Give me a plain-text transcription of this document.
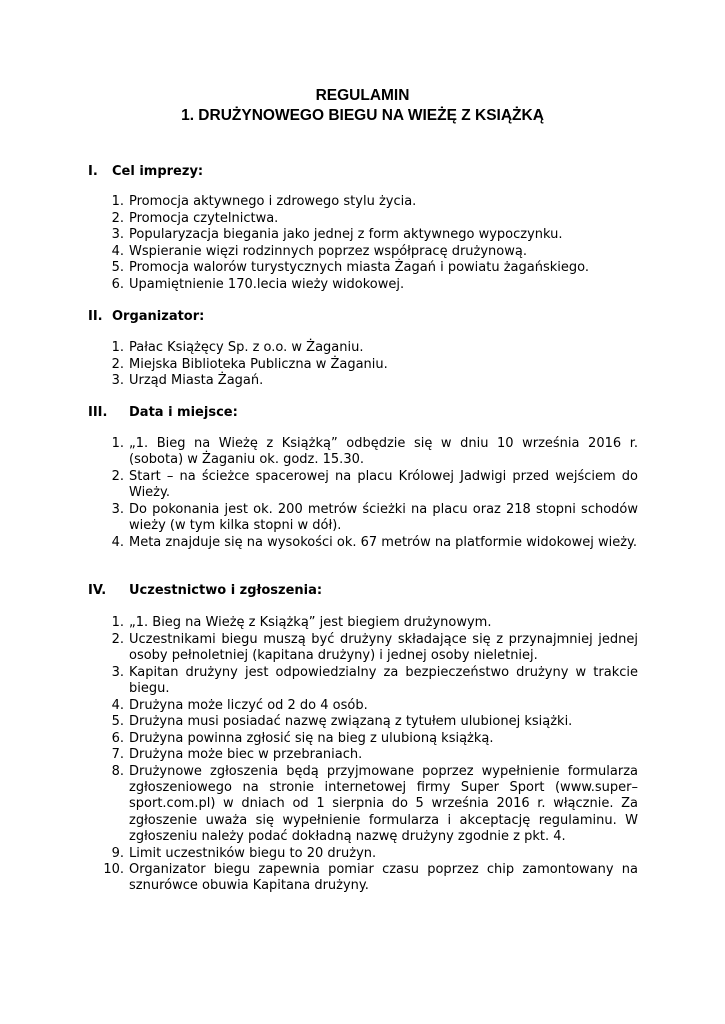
REGULAMIN
1. DRUŻYNOWEGO BIEGU NA WIEŻĘ Z KSIĄŻKĄ
I. Cel imprezy:
1. Promocja aktywnego i zdrowego stylu życia.
2. Promocja czytelnictwa.
3. Popularyzacja biegania jako jednej z form aktywnego wypoczynku.
4. Wspieranie więzi rodzinnych poprzez współpracę drużynową.
5. Promocja walorów turystycznych miasta Żagań i powiatu żagańskiego.
6. Upamiętnienie 170.lecia wieży widokowej.
II. Organizator:
1. Pałac Książęcy Sp. z o.o. w Żaganiu.
2. Miejska Biblioteka Publiczna w Żaganiu.
3. Urząd Miasta Żagań.
III. Data i miejsce:
1. „1. Bieg na Wieżę z Książką” odbędzie się w dniu 10 września 2016 r. (sobota) w Żaganiu ok. godz. 15.30.
2. Start – na ścieżce spacerowej na placu Królowej Jadwigi przed wejściem do Wieży.
3. Do pokonania jest ok. 200 metrów ścieżki na placu oraz 218 stopni schodów wieży (w tym kilka stopni w dół).
4. Meta znajduje się na wysokości ok. 67 metrów na platformie widokowej wieży.
IV. Uczestnictwo i zgłoszenia:
1. „1. Bieg na Wieżę z Książką” jest biegiem drużynowym.
2. Uczestnikami biegu muszą być drużyny składające się z przynajmniej jednej osoby pełnoletniej (kapitana drużyny) i jednej osoby nieletniej.
3. Kapitan drużyny jest odpowiedzialny za bezpieczeństwo drużyny w trakcie biegu.
4. Drużyna może liczyć od 2 do 4 osób.
5. Drużyna musi posiadać nazwę związaną z tytułem ulubionej książki.
6. Drużyna powinna zgłosić się na bieg z ulubioną książką.
7. Drużyna może biec w przebraniach.
8. Drużynowe zgłoszenia będą przyjmowane poprzez wypełnienie formularza zgłoszeniowego na stronie internetowej firmy Super Sport (www.super–sport.com.pl) w dniach od 1 sierpnia do 5 września 2016 r. włącznie. Za zgłoszenie uważa się wypełnienie formularza i akceptację regulaminu. W zgłoszeniu należy podać dokładną nazwę drużyny zgodnie z pkt. 4.
9. Limit uczestników biegu to 20 drużyn.
10. Organizator biegu zapewnia pomiar czasu poprzez chip zamontowany na sznurówce obuwia Kapitana drużyny.
